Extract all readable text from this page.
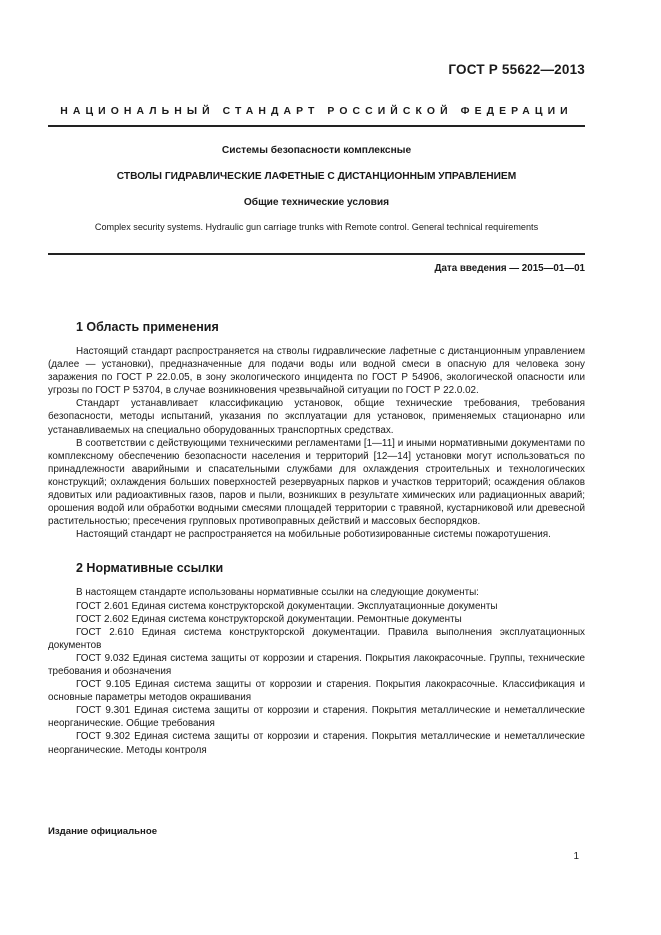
ГОСТ Р 55622—2013
НАЦИОНАЛЬНЫЙ СТАНДАРТ РОССИЙСКОЙ ФЕДЕРАЦИИ
Системы безопасности комплексные
СТВОЛЫ ГИДРАВЛИЧЕСКИЕ ЛАФЕТНЫЕ С ДИСТАНЦИОННЫМ УПРАВЛЕНИЕМ
Общие технические условия
Complex security systems. Hydraulic gun carriage trunks with Remote control. General technical requirements
Дата введения — 2015—01—01
1 Область применения

Настоящий стандарт распространяется на стволы гидравлические лафетные с дистанционным управлением (далее — установки), предназначенные для подачи воды или водной смеси в опасную для человека зону заражения по ГОСТ Р 22.0.05, в зону экологического инцидента по ГОСТ Р 54906, экологической опасности или угрозы по ГОСТ Р 53704, в случае возникновения чрезвычайной ситуации по ГОСТ Р 22.0.02.

Стандарт устанавливает классификацию установок, общие технические требования, требования безопасности, методы испытаний, указания по эксплуатации для установок, применяемых стационарно или устанавливаемых на специально оборудованных транспортных средствах.

В соответствии с действующими техническими регламентами [1—11] и иными нормативными документами по комплексному обеспечению безопасности населения и территорий [12—14] установки могут использоваться по принадлежности аварийными и спасательными службами для охлаждения строительных и технологических конструкций; охлаждения больших поверхностей резервуарных парков и участков территорий; осаждения облаков ядовитых или радиоактивных газов, паров и пыли, возникших в результате химических или радиационных аварий; орошения водой или обработки водными смесями площадей территории с травяной, кустарниковой или древесной растительностью; пресечения групповых противоправных действий и массовых беспорядков.

Настоящий стандарт не распространяется на мобильные роботизированные системы пожаротушения.

2 Нормативные ссылки

В настоящем стандарте использованы нормативные ссылки на следующие документы:

ГОСТ 2.601 Единая система конструкторской документации. Эксплуатационные документы

ГОСТ 2.602 Единая система конструкторской документации. Ремонтные документы

ГОСТ 2.610 Единая система конструкторской документации. Правила выполнения эксплуатационных документов

ГОСТ 9.032 Единая система защиты от коррозии и старения. Покрытия лакокрасочные. Группы, технические требования и обозначения

ГОСТ 9.105 Единая система защиты от коррозии и старения. Покрытия лакокрасочные. Классификация и основные параметры методов окрашивания

ГОСТ 9.301 Единая система защиты от коррозии и старения. Покрытия металлические и неметаллические неорганические. Общие требования

ГОСТ 9.302 Единая система защиты от коррозии и старения. Покрытия металлические и неметаллические неорганические. Методы контроля

Издание официальное
1
